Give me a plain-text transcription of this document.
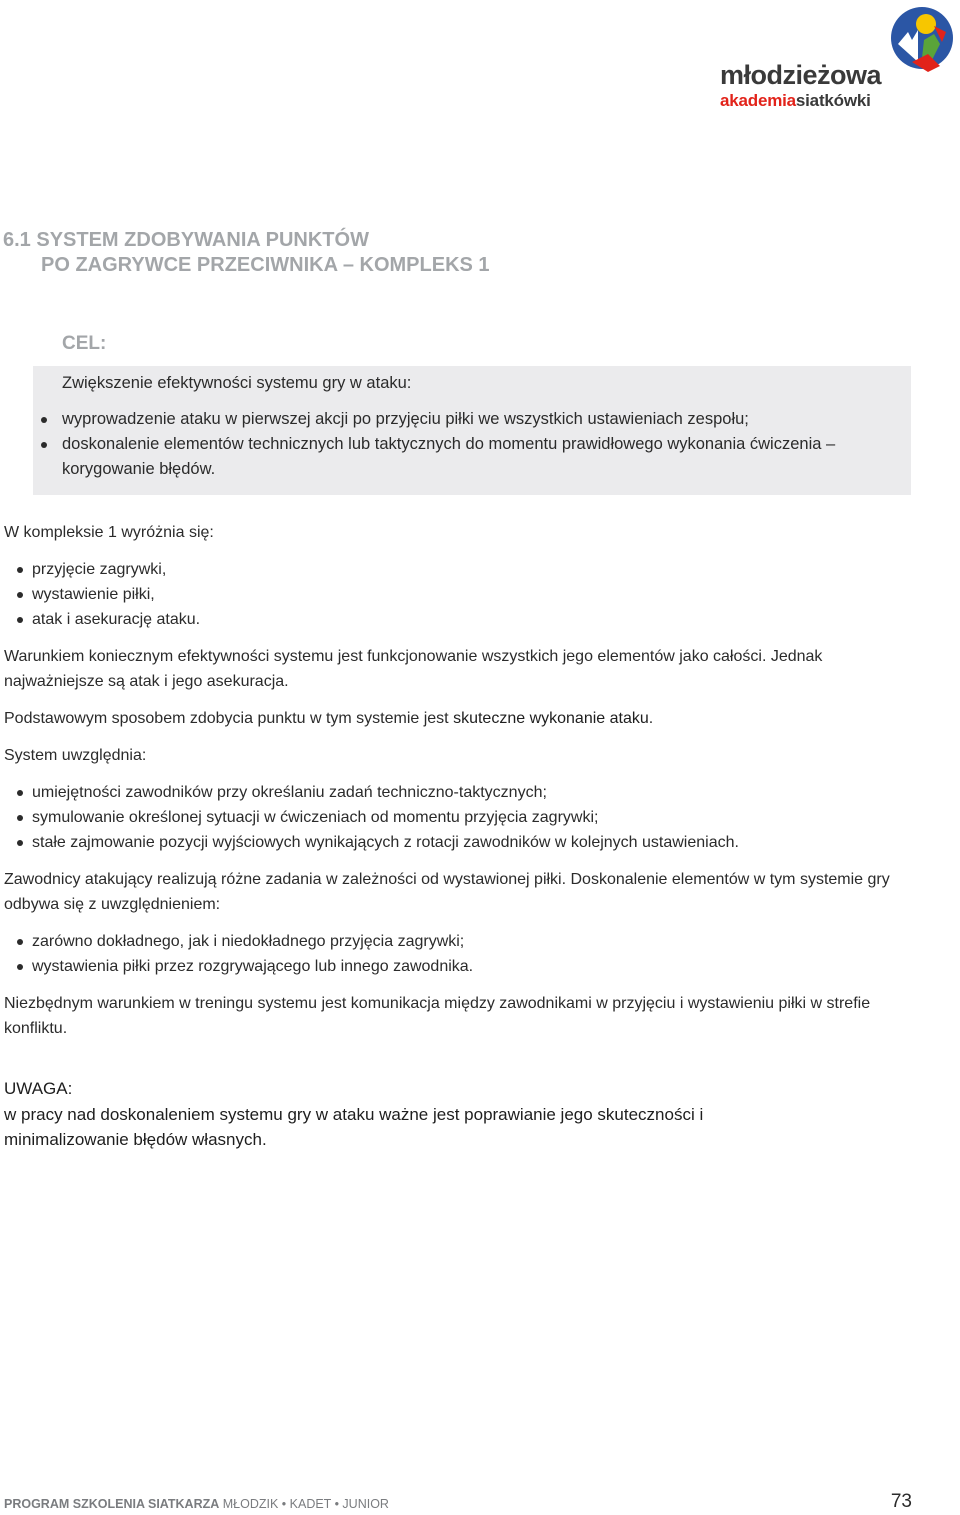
młodzieżowa
akademiasiatkówki
6.1 SYSTEM ZDOBYWANIA PUNKTÓW
PO ZAGRYWCE PRZECIWNIKA – KOMPLEKS 1
CEL:
Zwiększenie efektywności systemu gry w ataku:
wyprowadzenie ataku w pierwszej akcji po przyjęciu piłki we wszystkich ustawieniach zespołu;
doskonalenie elementów technicznych lub taktycznych do momentu prawidłowego wykonania ćwiczenia – korygowanie błędów.
W kompleksie 1 wyróżnia się:
przyjęcie zagrywki,
wystawienie piłki,
atak i asekurację ataku.
Warunkiem koniecznym efektywności systemu jest funkcjonowanie wszystkich jego elementów jako całości. Jednak najważniejsze są atak i jego asekuracja.
Podstawowym sposobem zdobycia punktu w tym systemie jest skuteczne wykonanie ataku.
System uwzględnia:
umiejętności zawodników przy określaniu zadań techniczno-taktycznych;
symulowanie określonej sytuacji w ćwiczeniach od momentu przyjęcia zagrywki;
stałe zajmowanie pozycji wyjściowych wynikających z rotacji zawodników w kolejnych ustawieniach.
Zawodnicy atakujący realizują różne zadania w zależności od wystawionej piłki. Doskonalenie elementów w tym systemie gry odbywa się z uwzględnieniem:
zarówno dokładnego, jak i niedokładnego przyjęcia zagrywki;
wystawienia piłki przez rozgrywającego lub innego zawodnika.
Niezbędnym warunkiem w treningu systemu jest komunikacja między zawodnikami w przyjęciu i wystawieniu piłki w strefie konfliktu.
UWAGA:
w pracy nad doskonaleniem systemu gry w ataku ważne jest poprawianie jego skuteczności i minimalizowanie błędów własnych.
PROGRAM SZKOLENIA SIATKARZA MŁODZIK • KADET • JUNIOR	73
